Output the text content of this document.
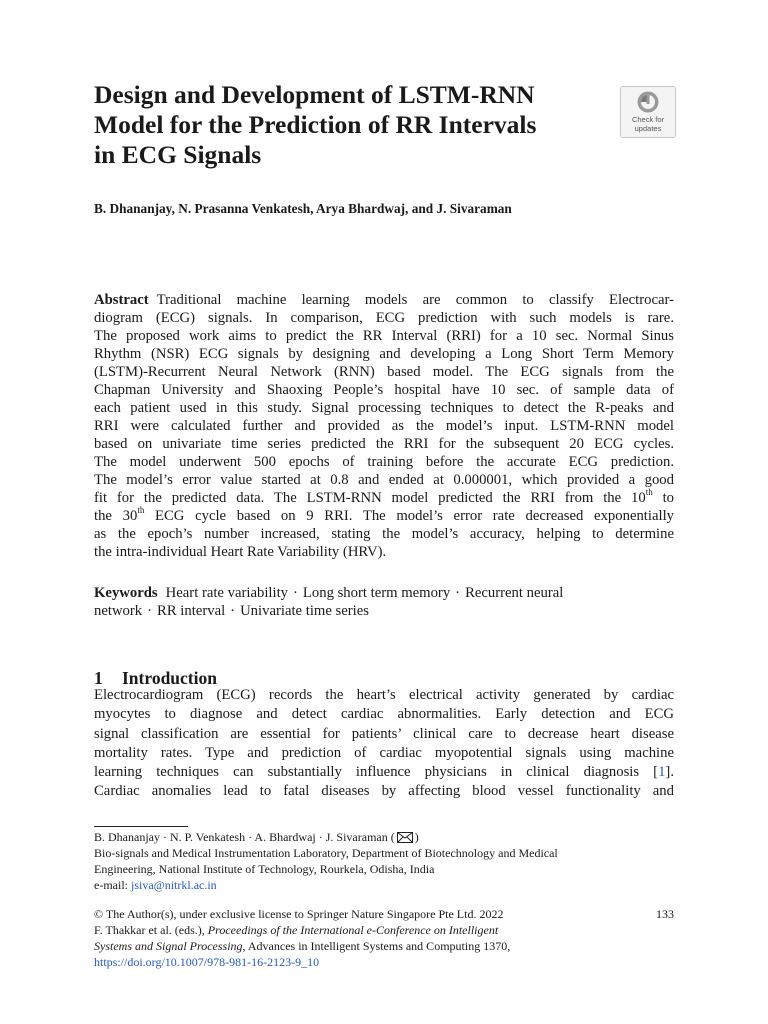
Design and Development of LSTM-RNN
Model for the Prediction of RR Intervals
in ECG Signals
Check for
updates
B. Dhananjay, N. Prasanna Venkatesh, Arya Bhardwaj, and J. Sivaraman
Abstract Traditional machine learning models are common to classify Electrocar-
diogram (ECG) signals. In comparison, ECG prediction with such models is rare.
The proposed work aims to predict the RR Interval (RRI) for a 10 sec. Normal Sinus
Rhythm (NSR) ECG signals by designing and developing a Long Short Term Memory
(LSTM)-Recurrent Neural Network (RNN) based model. The ECG signals from the
Chapman University and Shaoxing People’s hospital have 10 sec. of sample data of
each patient used in this study. Signal processing techniques to detect the R-peaks and
RRI were calculated further and provided as the model’s input. LSTM-RNN model
based on univariate time series predicted the RRI for the subsequent 20 ECG cycles.
The model underwent 500 epochs of training before the accurate ECG prediction.
The model’s error value started at 0.8 and ended at 0.000001, which provided a good
fit for the predicted data. The LSTM-RNN model predicted the RRI from the 10th to
the 30th ECG cycle based on 9 RRI. The model’s error rate decreased exponentially
as the epoch’s number increased, stating the model’s accuracy, helping to determine
the intra-individual Heart Rate Variability (HRV).
Keywords Heart rate variability · Long short term memory · Recurrent neural
network · RR interval · Univariate time series
1 Introduction
Electrocardiogram (ECG) records the heart’s electrical activity generated by cardiac
myocytes to diagnose and detect cardiac abnormalities. Early detection and ECG
signal classification are essential for patients’ clinical care to decrease heart disease
mortality rates. Type and prediction of cardiac myopotential signals using machine
learning techniques can substantially influence physicians in clinical diagnosis [1].
Cardiac anomalies lead to fatal diseases by affecting blood vessel functionality and
B. Dhananjay · N. P. Venkatesh · A. Bhardwaj · J. Sivaraman ( )
Bio-signals and Medical Instrumentation Laboratory, Department of Biotechnology and Medical
Engineering, National Institute of Technology, Rourkela, Odisha, India
e-mail: jsiva@nitrkl.ac.in
© The Author(s), under exclusive license to Springer Nature Singapore Pte Ltd. 2022	133
F. Thakkar et al. (eds.), Proceedings of the International e-Conference on Intelligent
Systems and Signal Processing, Advances in Intelligent Systems and Computing 1370,
https://doi.org/10.1007/978-981-16-2123-9_10
